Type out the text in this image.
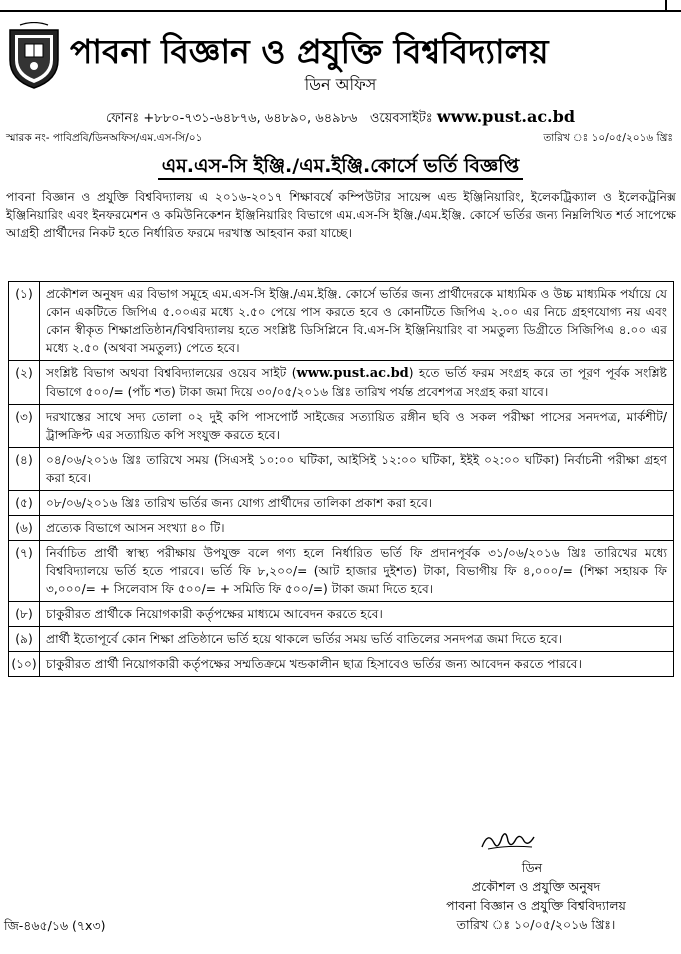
পাবনা বিজ্ঞান ও প্রযুক্তি বিশ্ববিদ্যালয়
ডিন অফিস
ফোনঃ +৮৮০-৭৩১-৬৪৮৭৬, ৬৪৮৯০, ৬৪৯৮৬ ওয়েবসাইটঃ www.pust.ac.bd
স্মারক নং- পাবিপ্রবি/ডিনঅফিস/এম.এস-সি/০১	তারিখ ঃ ১০/০৫/২০১৬ খ্রিঃ
এম.এস-সি ইঞ্জি./এম.ইঞ্জি.কোর্সে ভর্তি বিজ্ঞপ্তি
পাবনা বিজ্ঞান ও প্রযুক্তি বিশ্ববিদ্যালয় এ ২০১৬-২০১৭ শিক্ষাবর্ষে কম্পিউটার সায়েন্স এন্ড ইঞ্জিনিয়ারিং, ইলেকট্রিক্যাল ও ইলেকট্রনিক্স ইঞ্জিনিয়ারিং এবং ইনফরমেশন ও কমিউনিকেশন ইঞ্জিনিয়ারিং বিভাগে এম.এস-সি ইঞ্জি./এম.ইঞ্জি. কোর্সে ভর্তির জন্য নিম্নলিখিত শর্ত সাপেক্ষে আগ্রহী প্রার্থীদের নিকট হতে নির্ধারিত ফরমে দরখাস্ত আহবান করা যাচ্ছে।
(১)	প্রকৌশল অনুষদ এর বিভাগ সমূহে এম.এস-সি ইঞ্জি./এম.ইঞ্জি. কোর্সে ভর্তির জন্য প্রার্থীদেরকে মাধ্যমিক ও উচ্চ মাধ্যমিক পর্যায়ে যে কোন একটিতে জিপিএ ৫.০০এর মধ্যে ২.৫০ পেয়ে পাস করতে হবে ও কোনটিতে জিপিএ ২.০০ এর নিচে গ্রহণযোগ্য নয় এবং কোন স্বীকৃত শিক্ষাপ্রতিষ্ঠান/বিশ্ববিদ্যালয় হতে সংশ্লিষ্ট ডিসিপ্লিনে বি.এস-সি ইঞ্জিনিয়ারিং বা সমতুল্য ডিগ্রীতে সিজিপিএ ৪.০০ এর মধ্যে ২.৫০ (অথবা সমতুল্য) পেতে হবে।
(২)	সংশ্লিষ্ট বিভাগ অথবা বিশ্ববিদ্যালয়ের ওয়েব সাইট (www.pust.ac.bd) হতে ভর্তি ফরম সংগ্রহ করে তা পূরণ পূর্বক সংশ্লিষ্ট বিভাগে ৫০০/= (পাঁচ শত) টাকা জমা দিয়ে ৩০/০৫/২০১৬ খ্রিঃ তারিখ পর্যন্ত প্রবেশপত্র সংগ্রহ করা যাবে।
(৩)	দরখাস্তের সাথে সদ্য তোলা ০২ দুই কপি পাসপোর্ট সাইজের সত্যায়িত রঙ্গীন ছবি ও সকল পরীক্ষা পাসের সনদপত্র, মার্কশীট/ট্রান্সক্রিপ্ট এর সত্যায়িত কপি সংযুক্ত করতে হবে।
(৪)	০৪/০৬/২০১৬ খ্রিঃ তারিখে সময় (সিএসই ১০:০০ ঘটিকা, আইসিই ১২:০০ ঘটিকা, ইইই ০২:০০ ঘটিকা) নির্বাচনী পরীক্ষা গ্রহণ করা হবে।
(৫)	০৮/০৬/২০১৬ খ্রিঃ তারিখ ভর্তির জন্য যোগ্য প্রার্থীদের তালিকা প্রকাশ করা হবে।
(৬)	প্রত্যেক বিভাগে আসন সংখ্যা ৪০ টি।
(৭)	নির্বাচিত প্রার্থী স্বাস্থ্য পরীক্ষায় উপযুক্ত বলে গণ্য হলে নির্ধারিত ভর্তি ফি প্রদানপূর্বক ৩১/০৬/২০১৬ খ্রিঃ তারিখের মধ্যে বিশ্ববিদ্যালয়ে ভর্তি হতে পারবে। ভর্তি ফি ৮,২০০/= (আট হাজার দুইশত) টাকা, বিভাগীয় ফি ৪,০০০/= (শিক্ষা সহায়ক ফি ৩,০০০/= + সিলেবাস ফি ৫০০/= + সমিতি ফি ৫০০/=) টাকা জমা দিতে হবে।
(৮)	চাকুরীরত প্রার্থীকে নিয়োগকারী কর্তৃপক্ষের মাধ্যমে আবেদন করতে হবে।
(৯)	প্রার্থী ইতোপূর্বে কোন শিক্ষা প্রতিষ্ঠানে ভর্তি হয়ে থাকলে ভর্তির সময় ভর্তি বাতিলের সনদপত্র জমা দিতে হবে।
(১০)	চাকুরীরত প্রার্থী নিয়োগকারী কর্তৃপক্ষের সম্মতিক্রমে খন্ডকালীন ছাত্র হিসাবেও ভর্তির জন্য আবেদন করতে পারবে।
ডিন
প্রকৌশল ও প্রযুক্তি অনুষদ
পাবনা বিজ্ঞান ও প্রযুক্তি বিশ্ববিদ্যালয়
তারিখ ঃ ১০/০৫/২০১৬ খ্রিঃ।
জি-৪৬৫/১৬ (৭x৩)
